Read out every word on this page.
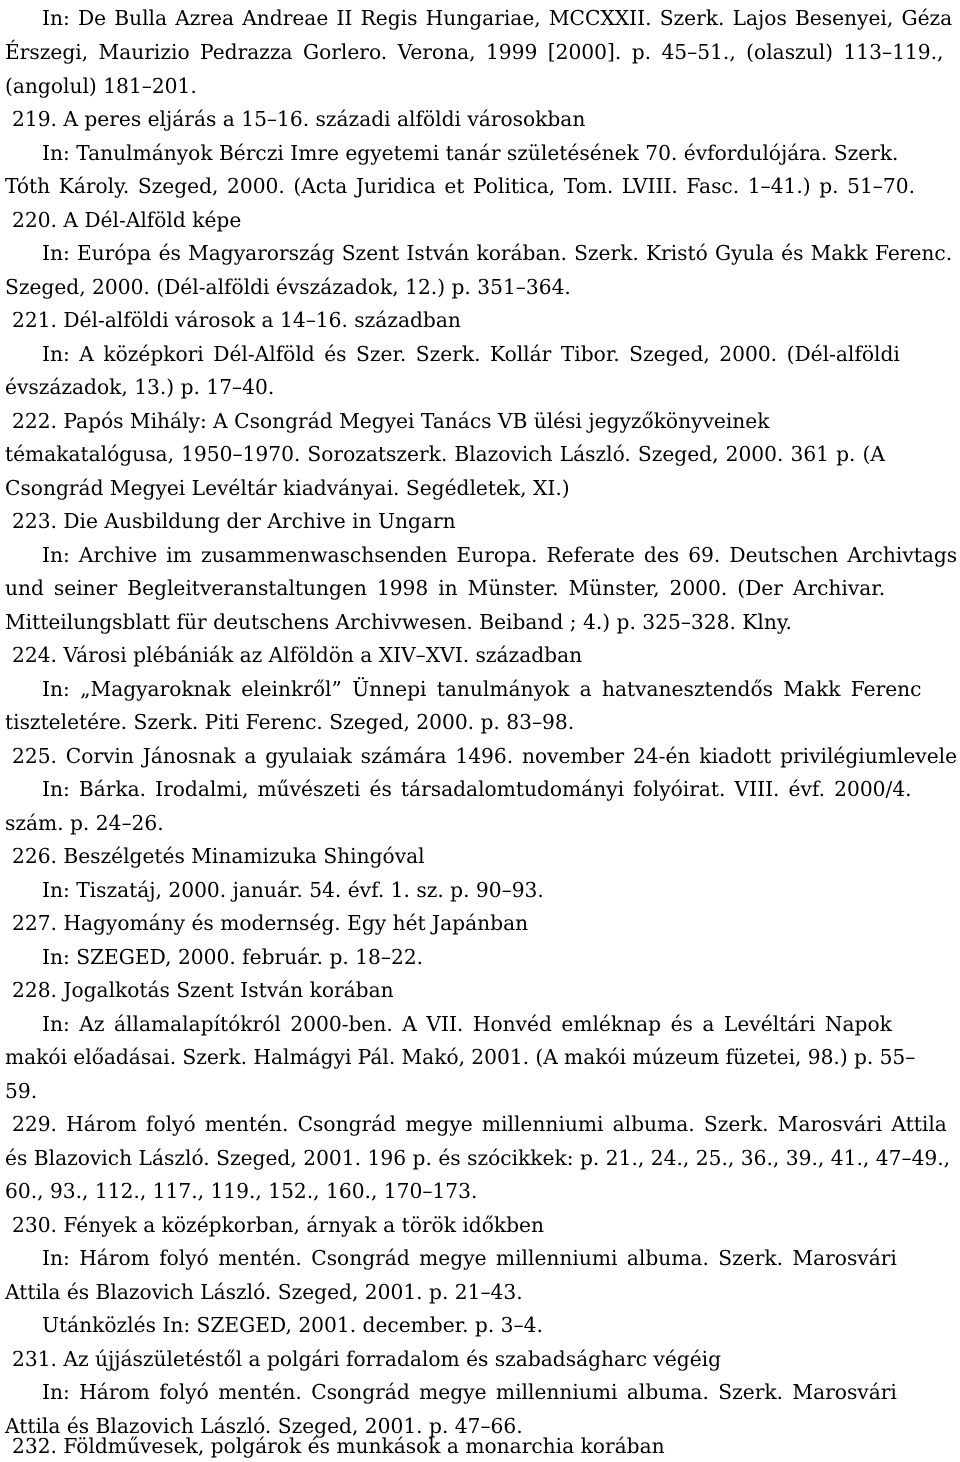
In: De Bulla Azrea Andreae II Regis Hungariae, MCCXXII. Szerk. Lajos Besenyei, Géza
Érszegi, Maurizio Pedrazza Gorlero. Verona, 1999 [2000]. p. 45–51., (olaszul) 113–119.,
(angolul) 181–201.
219. A peres eljárás a 15–16. századi alföldi városokban
In: Tanulmányok Bérczi Imre egyetemi tanár születésének 70. évfordulójára. Szerk.
Tóth Károly. Szeged, 2000. (Acta Juridica et Politica, Tom. LVIII. Fasc. 1–41.) p. 51–70.
220. A Dél-Alföld képe
In: Európa és Magyarország Szent István korában. Szerk. Kristó Gyula és Makk Ferenc.
Szeged, 2000. (Dél-alföldi évszázadok, 12.) p. 351–364.
221. Dél-alföldi városok a 14–16. században
In: A középkori Dél-Alföld és Szer. Szerk. Kollár Tibor. Szeged, 2000. (Dél-alföldi
évszázadok, 13.) p. 17–40.
222. Papós Mihály: A Csongrád Megyei Tanács VB ülési jegyzőkönyveinek
témakatalógusa, 1950–1970. Sorozatszerk. Blazovich László. Szeged, 2000. 361 p. (A
Csongrád Megyei Levéltár kiadványai. Segédletek, XI.)
223. Die Ausbildung der Archive in Ungarn
In: Archive im zusammenwaschsenden Europa. Referate des 69. Deutschen Archivtags
und seiner Begleitveranstaltungen 1998 in Münster. Münster, 2000. (Der Archivar.
Mitteilungsblatt für deutschens Archivwesen. Beiband ; 4.) p. 325–328. Klny.
224. Városi plébániák az Alföldön a XIV–XVI. században
In: „Magyaroknak eleinkről” Ünnepi tanulmányok a hatvanesztendős Makk Ferenc
tiszteletére. Szerk. Piti Ferenc. Szeged, 2000. p. 83–98.
225. Corvin Jánosnak a gyulaiak számára 1496. november 24-én kiadott privilégiumlevele
In: Bárka. Irodalmi, művészeti és társadalomtudományi folyóirat. VIII. évf. 2000/4.
szám. p. 24–26.
226. Beszélgetés Minamizuka Shingóval
In: Tiszatáj, 2000. január. 54. évf. 1. sz. p. 90–93.
227. Hagyomány és modernség. Egy hét Japánban
In: SZEGED, 2000. február. p. 18–22.
228. Jogalkotás Szent István korában
In: Az államalapítókról 2000-ben. A VII. Honvéd emléknap és a Levéltári Napok
makói előadásai. Szerk. Halmágyi Pál. Makó, 2001. (A makói múzeum füzetei, 98.) p. 55–
59.
229. Három folyó mentén. Csongrád megye millenniumi albuma. Szerk. Marosvári Attila
és Blazovich László. Szeged, 2001. 196 p. és szócikkek: p. 21., 24., 25., 36., 39., 41., 47–49.,
60., 93., 112., 117., 119., 152., 160., 170–173.
230. Fények a középkorban, árnyak a török időkben
In: Három folyó mentén. Csongrád megye millenniumi albuma. Szerk. Marosvári
Attila és Blazovich László. Szeged, 2001. p. 21–43.
Utánközlés In: SZEGED, 2001. december. p. 3–4.
231. Az újjászületéstől a polgári forradalom és szabadságharc végéig
In: Három folyó mentén. Csongrád megye millenniumi albuma. Szerk. Marosvári
Attila és Blazovich László. Szeged, 2001. p. 47–66.
232. Földművesek, polgárok és munkások a monarchia korában
